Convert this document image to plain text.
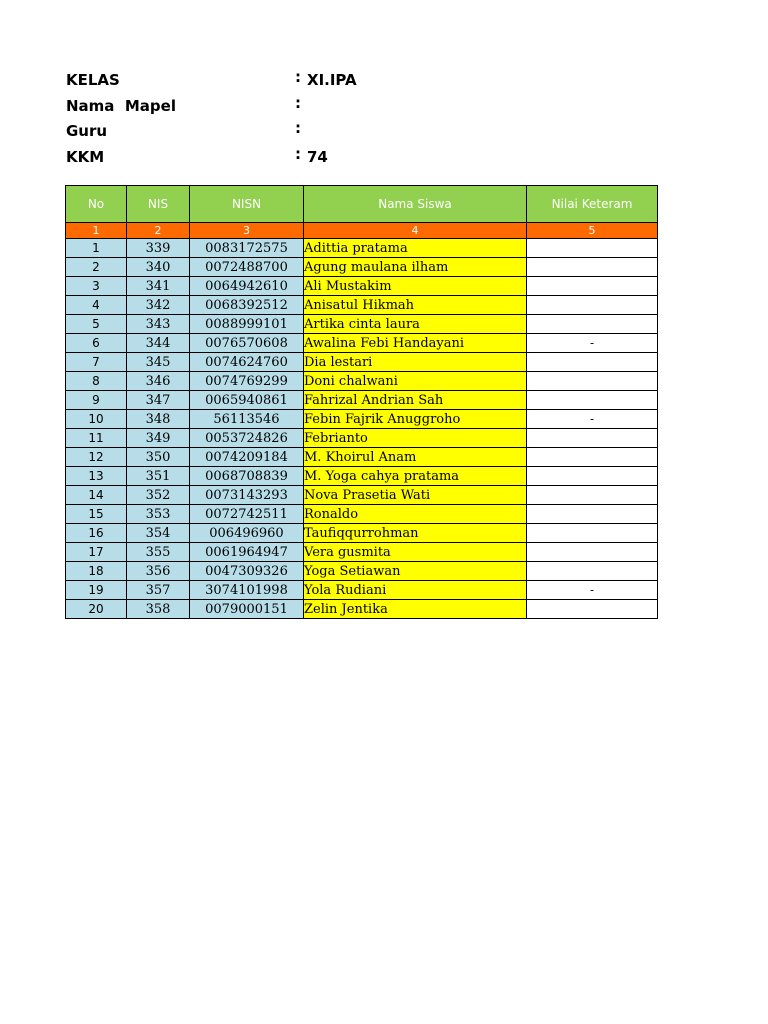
KELAS	: XI.IPA
Nama  Mapel	:
Guru	:
KKM	: 74
No	NIS	NISN	Nama Siswa	Nilai Keteram
1	2	3	4	5
1	339	0083172575	Adittia pratama	
2	340	0072488700	Agung maulana ilham	
3	341	0064942610	Ali Mustakim	
4	342	0068392512	Anisatul Hikmah	
5	343	0088999101	Artika cinta laura	
6	344	0076570608	Awalina Febi Handayani	-
7	345	0074624760	Dia lestari	
8	346	0074769299	Doni chalwani	
9	347	0065940861	Fahrizal Andrian Sah	
10	348	56113546	Febin Fajrik Anuggroho	-
11	349	0053724826	Febrianto	
12	350	0074209184	M. Khoirul Anam	
13	351	0068708839	M. Yoga cahya pratama	
14	352	0073143293	Nova Prasetia Wati	
15	353	0072742511	Ronaldo	
16	354	006496960	Taufiqqurrohman	
17	355	0061964947	Vera gusmita	
18	356	0047309326	Yoga Setiawan	
19	357	3074101998	Yola Rudiani	-
20	358	0079000151	Zelin Jentika	
